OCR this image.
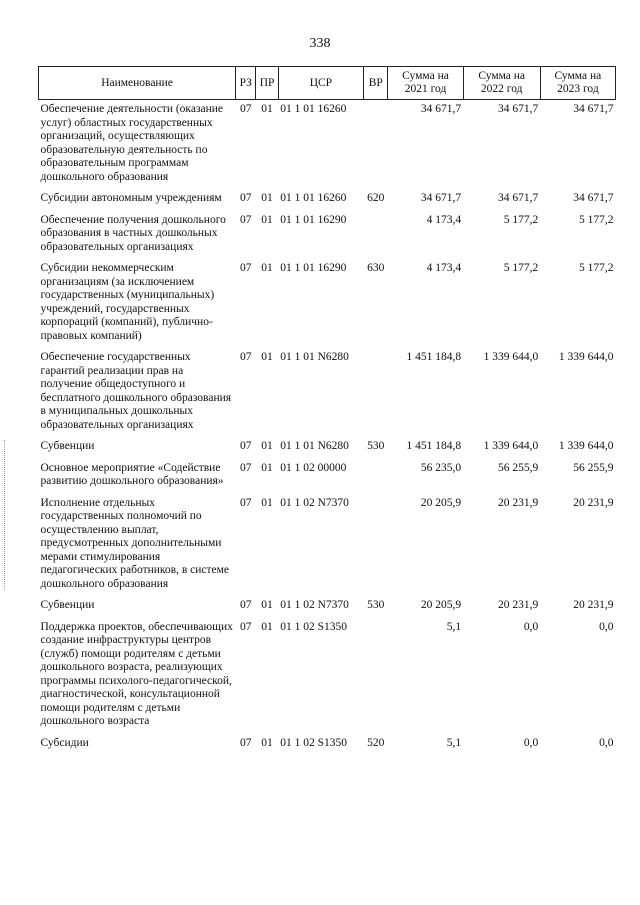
338
Наименование	РЗ	ПР	ЦСР	ВР	Сумма на 2021 год	Сумма на 2022 год	Сумма на 2023 год
Обеспечение деятельности (оказание услуг) областных государственных организаций, осуществляющих образовательную деятельность по образовательным программам дошкольного образования	07	01	01 1 01 16260		34 671,7	34 671,7	34 671,7
Субсидии автономным учреждениям	07	01	01 1 01 16260	620	34 671,7	34 671,7	34 671,7
Обеспечение получения дошкольного образования в частных дошкольных образовательных организациях	07	01	01 1 01 16290		4 173,4	5 177,2	5 177,2
Субсидии некоммерческим организациям (за исключением государственных (муниципальных) учреждений, государственных корпораций (компаний), публично-правовых компаний)	07	01	01 1 01 16290	630	4 173,4	5 177,2	5 177,2
Обеспечение государственных гарантий реализации прав на получение общедоступного и бесплатного дошкольного образования в муниципальных дошкольных образовательных организациях	07	01	01 1 01 N6280		1 451 184,8	1 339 644,0	1 339 644,0
Субвенции	07	01	01 1 01 N6280	530	1 451 184,8	1 339 644,0	1 339 644,0
Основное мероприятие «Содействие развитию дошкольного образования»	07	01	01 1 02 00000		56 235,0	56 255,9	56 255,9
Исполнение отдельных государственных полномочий по осуществлению выплат, предусмотренных дополнительными мерами стимулирования педагогических работников, в системе дошкольного образования	07	01	01 1 02 N7370		20 205,9	20 231,9	20 231,9
Субвенции	07	01	01 1 02 N7370	530	20 205,9	20 231,9	20 231,9
Поддержка проектов, обеспечивающих создание инфраструктуры центров (служб) помощи родителям с детьми дошкольного возраста, реализующих программы психолого-педагогической, диагностической, консультационной помощи родителям с детьми дошкольного возраста	07	01	01 1 02 S1350		5,1	0,0	0,0
Субсидии	07	01	01 1 02 S1350	520	5,1	0,0	0,0
